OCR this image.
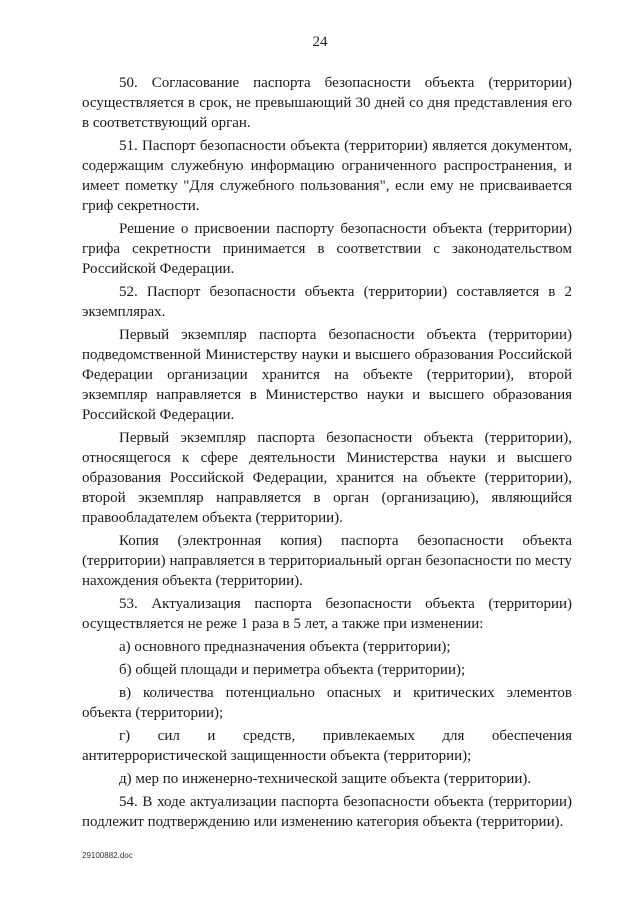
24

50. Согласование паспорта безопасности объекта (территории) осуществляется в срок, не превышающий 30 дней со дня представления его в соответствующий орган.

51. Паспорт безопасности объекта (территории) является документом, содержащим служебную информацию ограниченного распространения, и имеет пометку "Для служебного пользования", если ему не присваивается гриф секретности.

Решение о присвоении паспорту безопасности объекта (территории) грифа секретности принимается в соответствии с законодательством Российской Федерации.

52. Паспорт безопасности объекта (территории) составляется в 2 экземплярах.

Первый экземпляр паспорта безопасности объекта (территории) подведомственной Министерству науки и высшего образования Российской Федерации организации хранится на объекте (территории), второй экземпляр направляется в Министерство науки и высшего образования Российской Федерации.

Первый экземпляр паспорта безопасности объекта (территории), относящегося к сфере деятельности Министерства науки и высшего образования Российской Федерации, хранится на объекте (территории), второй экземпляр направляется в орган (организацию), являющийся правообладателем объекта (территории).

Копия (электронная копия) паспорта безопасности объекта (территории) направляется в территориальный орган безопасности по месту нахождения объекта (территории).

53. Актуализация паспорта безопасности объекта (территории) осуществляется не реже 1 раза в 5 лет, а также при изменении:

а) основного предназначения объекта (территории);

б) общей площади и периметра объекта (территории);

в) количества потенциально опасных и критических элементов объекта (территории);

г) сил и средств, привлекаемых для обеспечения антитеррористической защищенности объекта (территории);

д) мер по инженерно-технической защите объекта (территории).

54. В ходе актуализации паспорта безопасности объекта (территории) подлежит подтверждению или изменению категория объекта (территории).

29100882.doc
